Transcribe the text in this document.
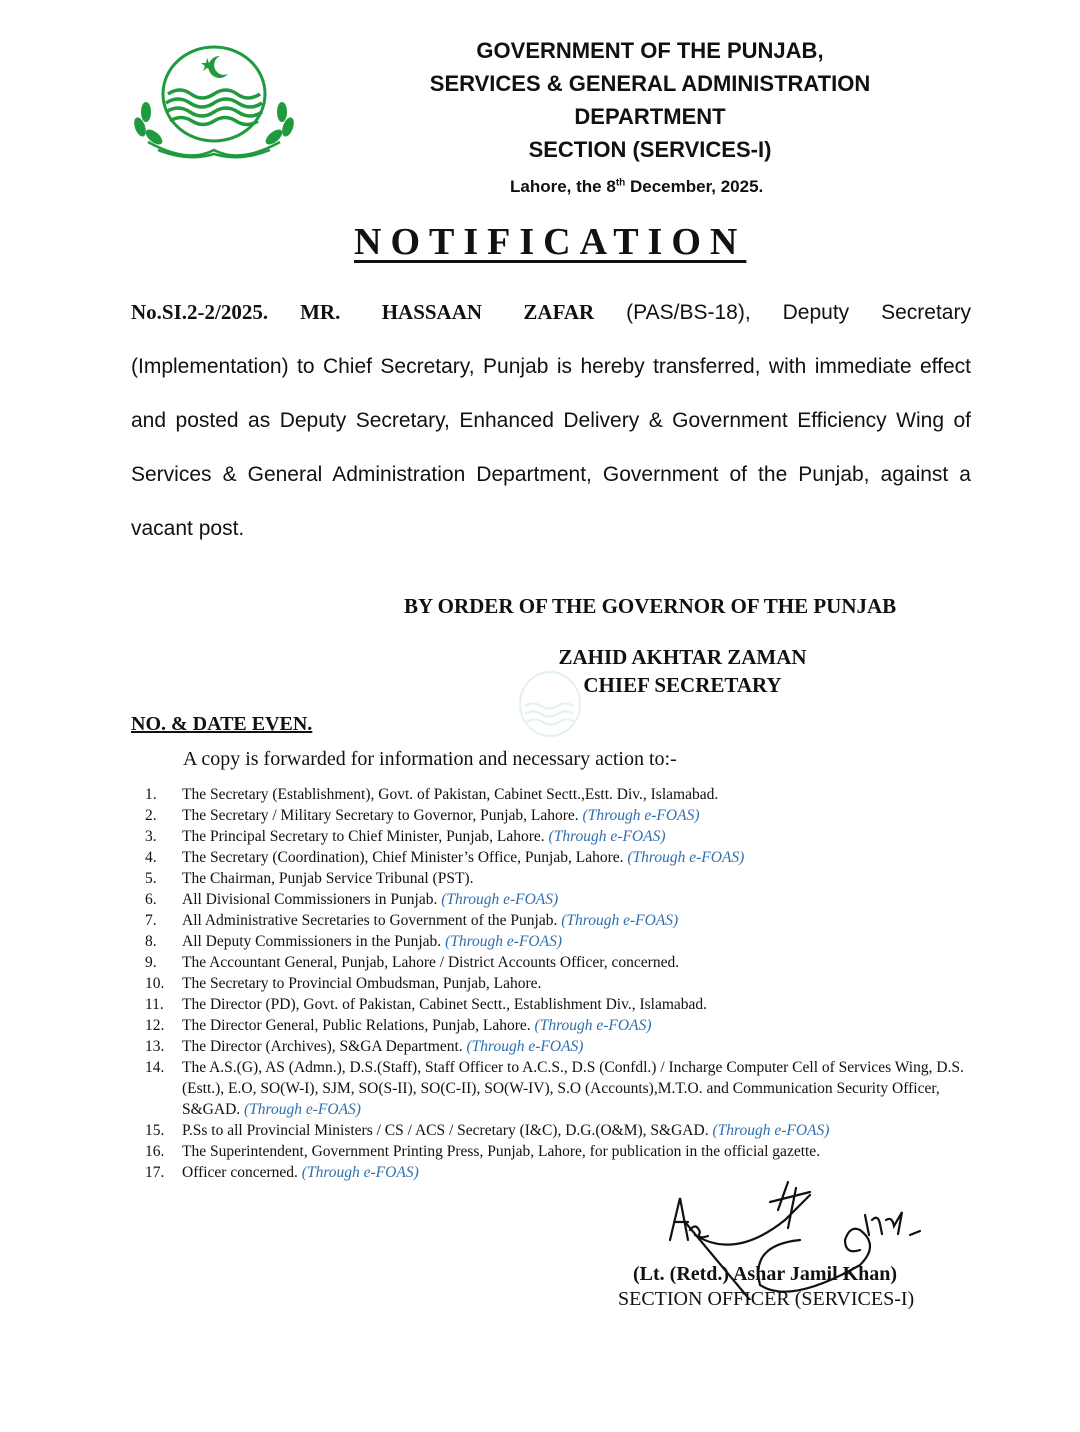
GOVERNMENT OF THE PUNJAB,
SERVICES & GENERAL ADMINISTRATION
DEPARTMENT
SECTION (SERVICES-I)
Lahore, the 8th December, 2025.
NOTIFICATION
No.SI.2-2/2025. MR. HASSAAN ZAFAR (PAS/BS-18), Deputy Secretary (Implementation) to Chief Secretary, Punjab is hereby transferred, with immediate effect and posted as Deputy Secretary, Enhanced Delivery & Government Efficiency Wing of Services & General Administration Department, Government of the Punjab, against a vacant post.
BY ORDER OF THE GOVERNOR OF THE PUNJAB
ZAHID AKHTAR ZAMAN
CHIEF SECRETARY
NO. & DATE EVEN.
A copy is forwarded for information and necessary action to:-
1.	The Secretary (Establishment), Govt. of Pakistan, Cabinet Sectt.,Estt. Div., Islamabad.
2.	The Secretary / Military Secretary to Governor, Punjab, Lahore. (Through e-FOAS)
3.	The Principal Secretary to Chief Minister, Punjab, Lahore. (Through e-FOAS)
4.	The Secretary (Coordination), Chief Minister’s Office, Punjab, Lahore. (Through e-FOAS)
5.	The Chairman, Punjab Service Tribunal (PST).
6.	All Divisional Commissioners in Punjab. (Through e-FOAS)
7.	All Administrative Secretaries to Government of the Punjab. (Through e-FOAS)
8.	All Deputy Commissioners in the Punjab. (Through e-FOAS)
9.	The Accountant General, Punjab, Lahore / District Accounts Officer, concerned.
10.	The Secretary to Provincial Ombudsman, Punjab, Lahore.
11.	The Director (PD), Govt. of Pakistan, Cabinet Sectt., Establishment Div., Islamabad.
12.	The Director General, Public Relations, Punjab, Lahore. (Through e-FOAS)
13.	The Director (Archives), S&GA Department. (Through e-FOAS)
14.	The A.S.(G), AS (Admn.), D.S.(Staff), Staff Officer to A.C.S., D.S (Confdl.) / Incharge Computer Cell of Services Wing, D.S.(Estt.), E.O, SO(W-I), SJM, SO(S-II), SO(C-II), SO(W-IV), S.O (Accounts),M.T.O. and Communication Security Officer, S&GAD. (Through e-FOAS)
15.	P.Ss to all Provincial Ministers / CS / ACS / Secretary (I&C), D.G.(O&M), S&GAD. (Through e-FOAS)
16.	The Superintendent, Government Printing Press, Punjab, Lahore, for publication in the official gazette.
17.	Officer concerned. (Through e-FOAS)
(Lt. (Retd.) Ashar Jamil Khan)
SECTION OFFICER (SERVICES-I)
